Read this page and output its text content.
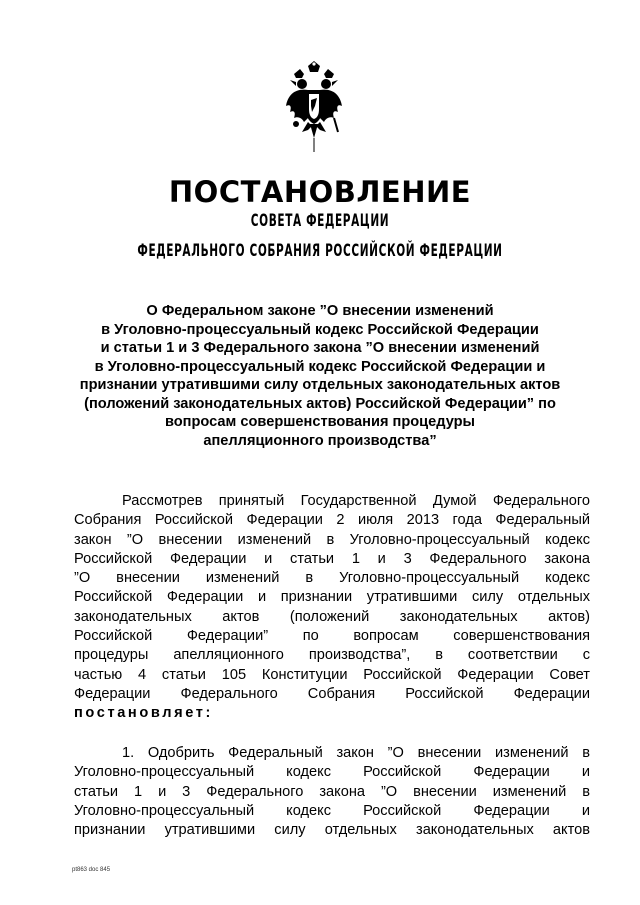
ПОСТАНОВЛЕНИЕ
СОВЕТА ФЕДЕРАЦИИ
ФЕДЕРАЛЬНОГО СОБРАНИЯ РОССИЙСКОЙ ФЕДЕРАЦИИ
О Федеральном законе ”О внесении изменений
в Уголовно-процессуальный кодекс Российской Федерации
и статьи 1 и 3 Федерального закона ”О внесении изменений
в Уголовно-процессуальный кодекс Российской Федерации и
признании утратившими силу отдельных законодательных актов
(положений законодательных актов) Российской Федерации” по
вопросам совершенствования процедуры
апелляционного производства”
Рассмотрев принятый Государственной Думой Федерального
Собрания Российской Федерации 2 июля 2013 года Федеральный
закон ”О внесении изменений в Уголовно-процессуальный кодекс
Российской Федерации и статьи 1 и 3 Федерального закона
”О внесении изменений в Уголовно-процессуальный кодекс
Российской Федерации и признании утратившими силу отдельных
законодательных актов (положений законодательных актов)
Российской Федерации” по вопросам совершенствования
процедуры апелляционного производства”, в соответствии с
частью 4 статьи 105 Конституции Российской Федерации Совет
Федерации Федерального Собрания Российской Федерации
постановляет:
1. Одобрить Федеральный закон ”О внесении изменений в
Уголовно-процессуальный кодекс Российской Федерации и
статьи 1 и 3 Федерального закона ”О внесении изменений в
Уголовно-процессуальный кодекс Российской Федерации и
признании утратившими силу отдельных законодательных актов
pt863 doc 845
